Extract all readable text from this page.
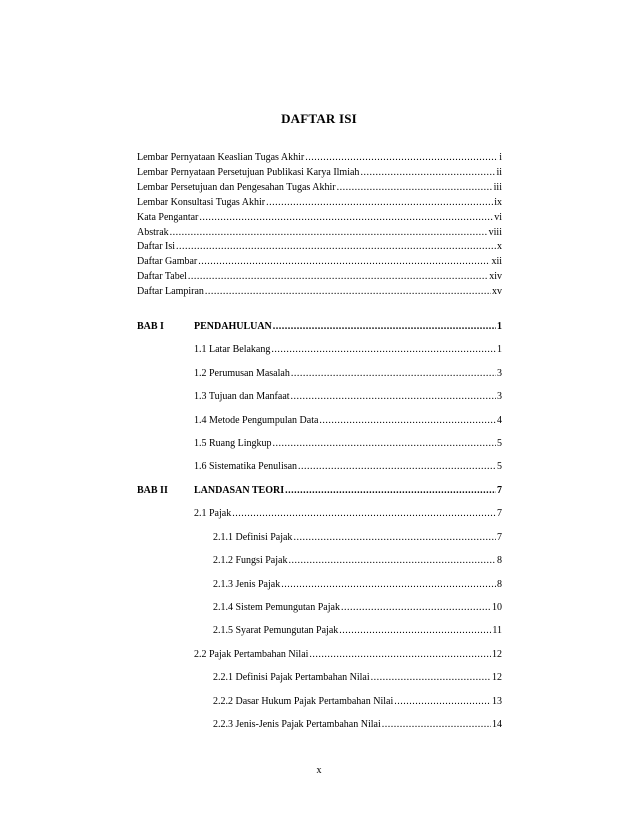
DAFTAR ISI
Lembar Pernyataan Keaslian Tugas Akhir .....	i
Lembar Pernyataan Persetujuan Publikasi Karya Ilmiah .....	ii
Lembar Persetujuan dan Pengesahan Tugas Akhir .....	iii
Lembar Konsultasi Tugas Akhir .....	ix
Kata Pengantar .....	vi
Abstrak .....	viii
Daftar Isi .....	x
Daftar Gambar .....	xii
Daftar Tabel .....	xiv
Daftar Lampiran .....	xv
BAB I	PENDAHULUAN .....	1
1.1 Latar Belakang .....	1
1.2 Perumusan Masalah .....	3
1.3 Tujuan dan Manfaat .....	3
1.4 Metode Pengumpulan Data .....	4
1.5 Ruang Lingkup .....	5
1.6 Sistematika Penulisan .....	5
BAB II	LANDASAN TEORI .....	7
2.1 Pajak .....	7
2.1.1 Definisi Pajak .....	7
2.1.2 Fungsi Pajak .....	8
2.1.3 Jenis Pajak .....	8
2.1.4 Sistem Pemungutan Pajak .....	10
2.1.5 Syarat Pemungutan Pajak .....	11
2.2 Pajak Pertambahan Nilai .....	12
2.2.1 Definisi Pajak Pertambahan Nilai .....	12
2.2.2 Dasar Hukum Pajak Pertambahan Nilai .....	13
2.2.3 Jenis-Jenis Pajak Pertambahan Nilai .....	14
x
